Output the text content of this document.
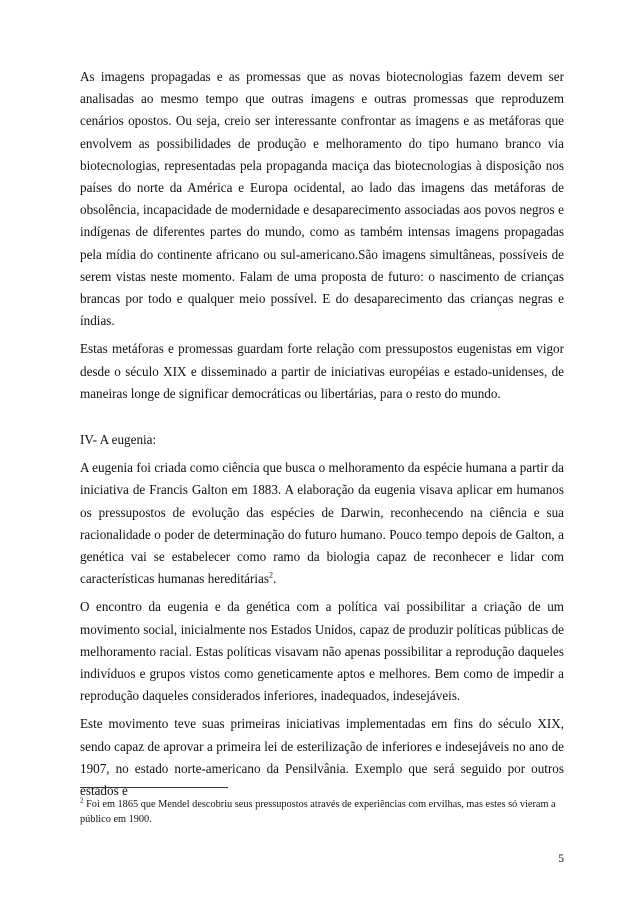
As imagens propagadas e as promessas que as novas biotecnologias fazem devem ser analisadas ao mesmo tempo que outras imagens e outras promessas que reproduzem cenários opostos. Ou seja, creio ser interessante confrontar as imagens e as metáforas que envolvem as possibilidades de produção e melhoramento do tipo humano branco via biotecnologias, representadas pela propaganda maciça das biotecnologias à disposição nos países do norte da América e Europa ocidental, ao lado das imagens das metáforas de obsolência, incapacidade de modernidade e desaparecimento associadas aos povos negros e indígenas de diferentes partes do mundo, como as também intensas imagens propagadas pela mídia do continente africano ou sul-americano.São imagens simultâneas, possíveis de serem vistas neste momento. Falam de uma proposta de futuro: o nascimento de crianças brancas por todo e qualquer meio possível. E do desaparecimento das crianças negras e índias.

Estas metáforas e promessas guardam forte relação com pressupostos eugenistas em vigor desde o século XIX e disseminado a partir de iniciativas européias e estado-unidenses, de maneiras longe de significar democráticas ou libertárias, para o resto do mundo.

IV- A eugenia:

A eugenia foi criada como ciência que busca o melhoramento da espécie humana a partir da iniciativa de Francis Galton em 1883. A elaboração da eugenia visava aplicar em humanos os pressupostos de evolução das espécies de Darwin, reconhecendo na ciência e sua racionalidade o poder de determinação do futuro humano. Pouco tempo depois de Galton, a genética vai se estabelecer como ramo da biologia capaz de reconhecer e lidar com características humanas hereditárias$^2$.

O encontro da eugenia e da genética com a política vai possibilitar a criação de um movimento social, inicialmente nos Estados Unidos, capaz de produzir políticas públicas de melhoramento racial. Estas políticas visavam não apenas possibilitar a reprodução daqueles indivíduos e grupos vistos como geneticamente aptos e melhores. Bem como de impedir a reprodução daqueles considerados inferiores, inadequados, indesejáveis.

Este movimento teve suas primeiras iniciativas implementadas em fins do século XIX, sendo capaz de aprovar a primeira lei de esterilização de inferiores e indesejáveis no ano de 1907, no estado norte-americano da Pensilvânia. Exemplo que será seguido por outros estados e

$^2$ Foi em 1865 que Mendel descobriu seus pressupostos através de experiências com ervilhas, mas estes só vieram a público em 1900.
5
